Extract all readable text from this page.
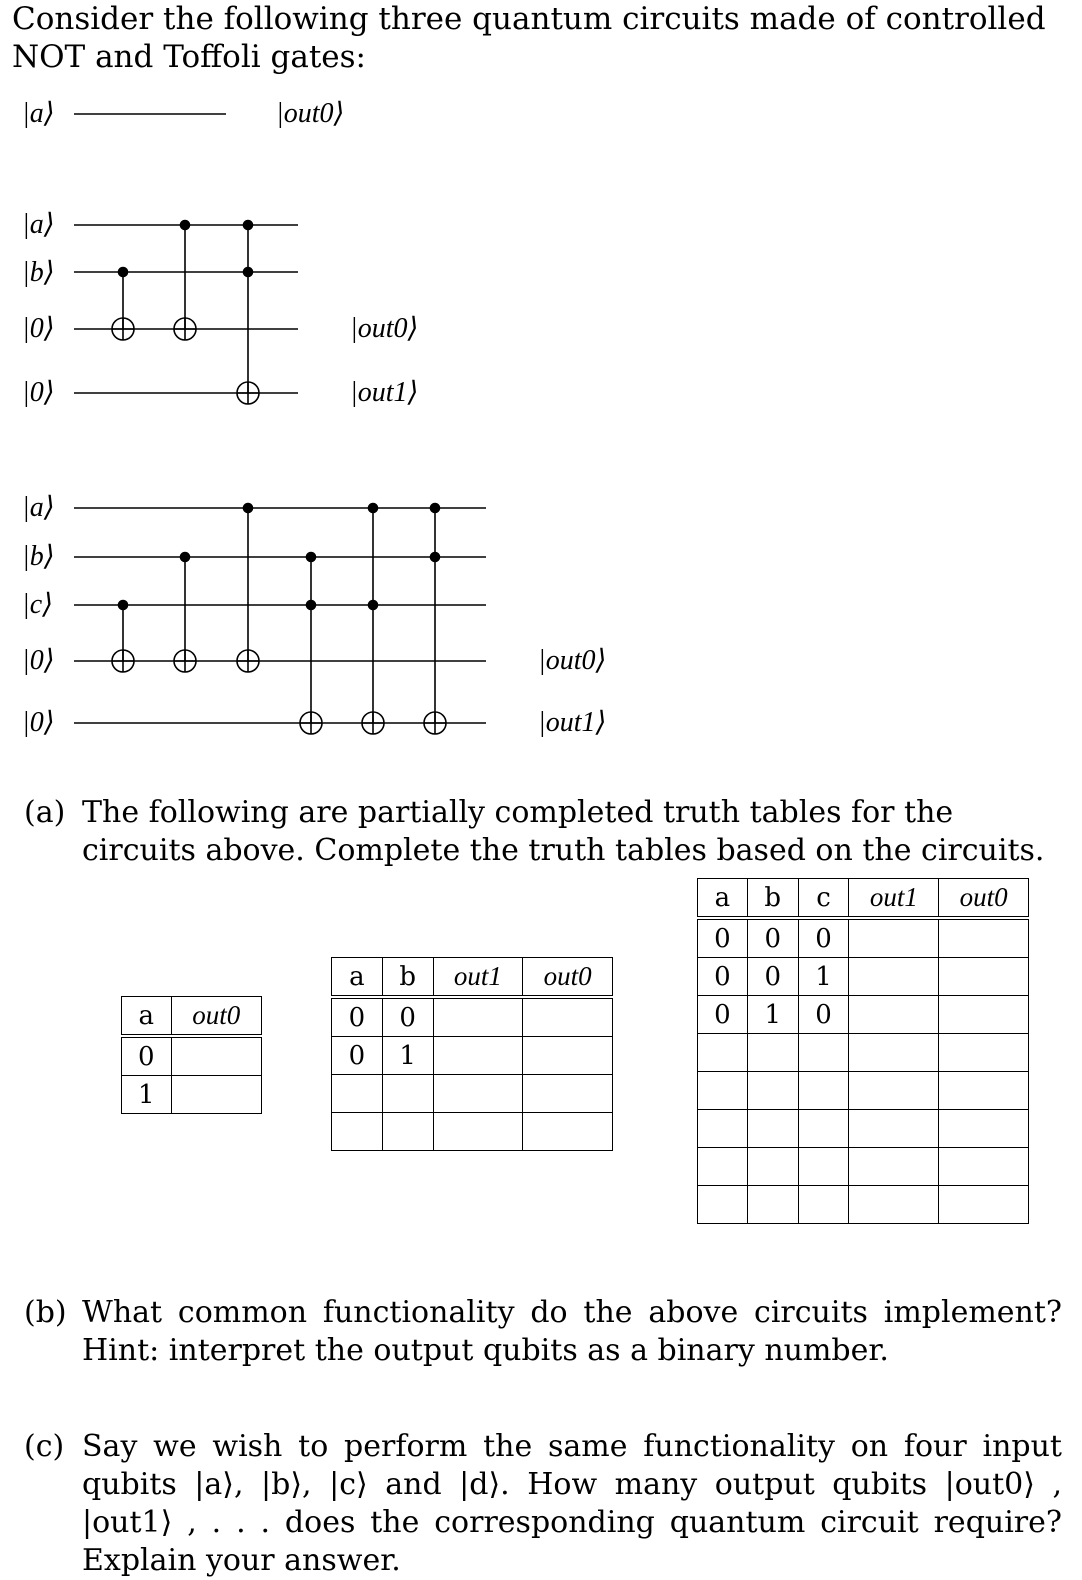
Consider the following three quantum circuits made of controlled NOT and Toffoli gates:
|a⟩	|out0⟩
|a⟩
|b⟩
|0⟩
|0⟩
|out0⟩
|out1⟩
|a⟩
|b⟩
|c⟩
|0⟩
|0⟩
|out0⟩
|out1⟩
(a) The following are partially completed truth tables for the circuits above. Complete the truth tables based on the circuits.
a	out0

0	
1	
a	b	out1	out0

0	0		
0	1		

a	b	c	out1	out0

0	0	0		
0	0	1		
0	1	0		

(b) What common functionality do the above circuits implement? Hint: interpret the output qubits as a binary number.
(c) Say we wish to perform the same functionality on four input qubits |a⟩, |b⟩, |c⟩ and |d⟩. How many output qubits |out0⟩ , |out1⟩ , . . . does the corresponding quantum circuit require? Explain your answer.
